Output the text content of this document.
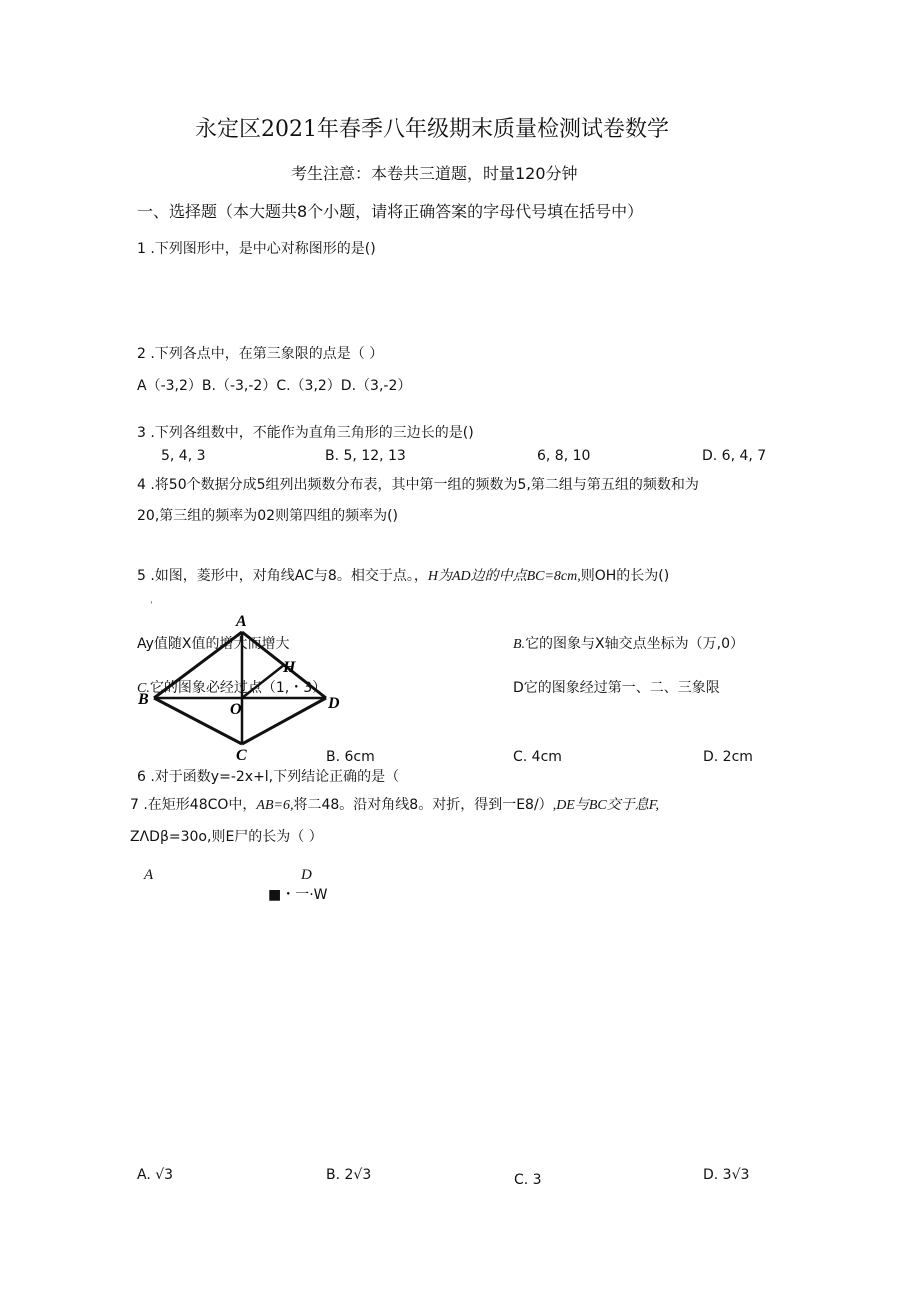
永定区2021年春季八年级期末质量检测试卷数学
考生注意：本卷共三道题，时量120分钟
一、选择题（本大题共8个小题，请将正确答案的字母代号填在括号中）
1 .下列图形中，是中心对称图形的是()
2 .下列各点中，在第三象限的点是（ ）
A（-3,2）B.（-3,-2）C.（3,2）D.（3,-2）
3 .下列各组数中，不能作为直角三角形的三边长的是()
5, 4, 3	B. 5, 12, 13	6, 8, 10	D. 6, 4, 7
4 .将50个数据分成5组列出频数分布表，其中第一组的频数为5,第二组与第五组的频数和为
20,第三组的频率为02则第四组的频率为()
5 .如图，菱形中，对角线AC与8。相交于点。，H为AD边的中点BC=8cm,则OH的长为()
'
A
B
C
D
O
H
Ay值随X值的增大而增大	B.它的图象与X轴交点坐标为（万,0）
C.它的图象必经过点（1,・3）	D它的图象经过第一、二、三象限
B. 6cm	C. 4cm	D. 2cm
6 .对于函数y=-2x+l,下列结论正确的是（
7 .在矩形48CO中，AB=6,将二48。沿对角线8。对折，得到一E8/）,DE与BC交于息F,
ZΛDβ=30o,则E尸的长为（ ）
A	D
■・一·W
A. √3	B. 2√3	C. 3	D. 3√3
